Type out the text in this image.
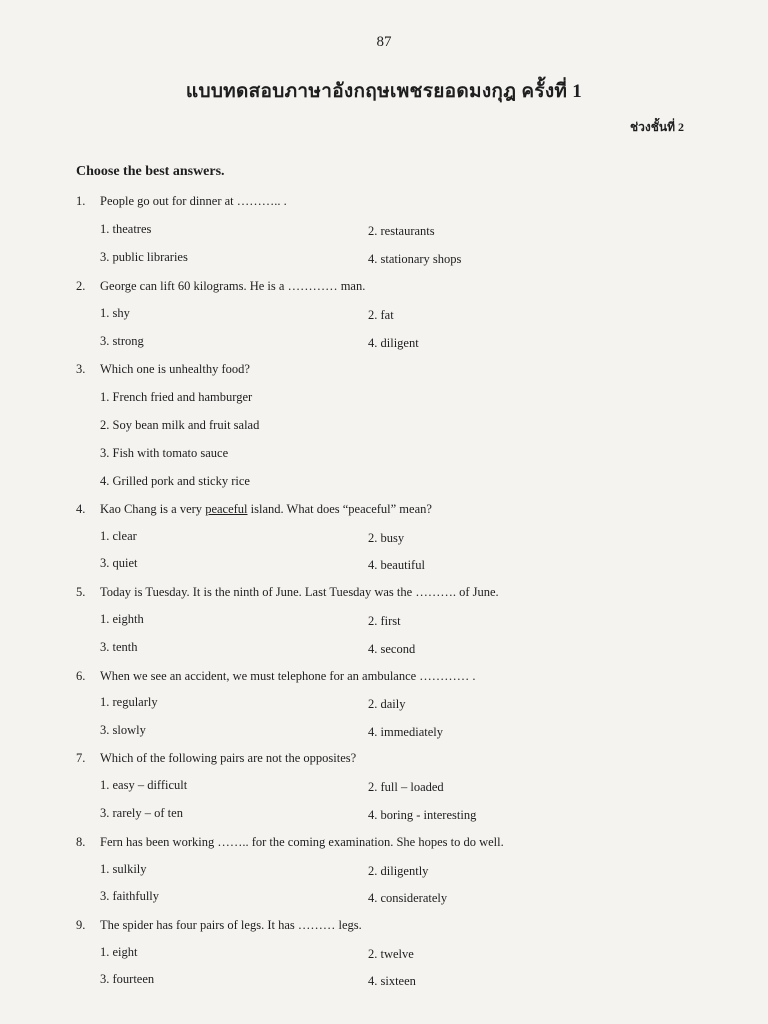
87
แบบทดสอบภาษาอังกฤษเพชรยอดมงกุฎ ครั้งที่ 1
ช่วงชั้นที่ 2
Choose the best answers.
1. People go out for dinner at ……….. .
1. theatres	2. restaurants
3. public libraries	4. stationary shops
2. George can lift 60 kilograms. He is a ………… man.
1. shy	2. fat
3. strong	4. diligent
3. Which one is unhealthy food?
1. French fried and hamburger
2. Soy bean milk and fruit salad
3. Fish with tomato sauce
4. Grilled pork and sticky rice
4. Kao Chang is a very peaceful island. What does “peaceful” mean?
1. clear	2. busy
3. quiet	4. beautiful
5. Today is Tuesday. It is the ninth of June. Last Tuesday was the ………. of June.
1. eighth	2. first
3. tenth	4. second
6. When we see an accident, we must telephone for an ambulance ………… .
1. regularly	2. daily
3. slowly	4. immediately
7. Which of the following pairs are not the opposites?
1. easy – difficult	2. full – loaded
3. rarely – of ten	4. boring - interesting
8. Fern has been working …….. for the coming examination. She hopes to do well.
1. sulkily	2. diligently
3. faithfully	4. considerately
9. The spider has four pairs of legs. It has ……… legs.
1. eight	2. twelve
3. fourteen	4. sixteen
